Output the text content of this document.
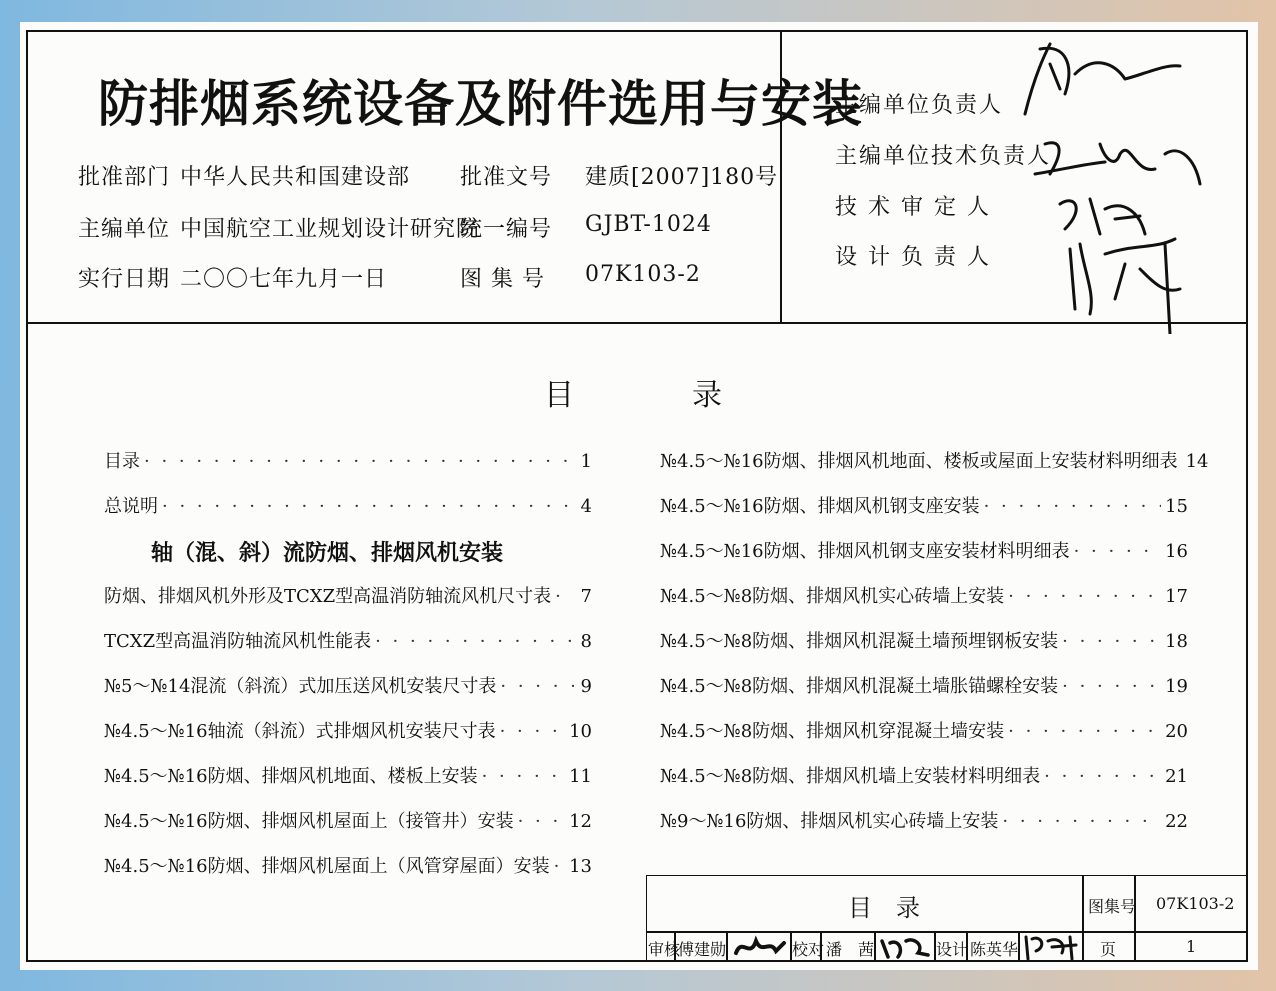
防排烟系统设备及附件选用与安装
批准部门 中华人民共和国建设部 批准文号 建质[2007]180号
主编单位 中国航空工业规划设计研究院
统一编号 GJBT-1024
实行日期 二〇〇七年九月一日	图 集 号 07K103-2
主编单位负责人
主编单位技术负责人
技 术 审 定 人
设 计 负 责 人
目	录
轴（混、斜）流防烟、排烟风机安装
目录 · · ·	1
总说明 · · ·	4
防烟、排烟风机外形及TCXZ型高温消防轴流风机尺寸表 · · · 7
TCXZ型高温消防轴流风机性能表 · · ·	8
№5～№14混流（斜流）式加压送风机安装尺寸表 · · ·	9
№4.5～№16轴流（斜流）式排烟风机安装尺寸表 · · ·	10
№4.5～№16防烟、排烟风机地面、楼板上安装 · · ·	11
№4.5～№16防烟、排烟风机屋面上（接管井）安装 · · ·	12
№4.5～№16防烟、排烟风机屋面上（风管穿屋面）安装 · · · 13
№4.5～№16防烟、排烟风机地面、楼板或屋面上安装材料明细表 14
№4.5～№16防烟、排烟风机钢支座安装 · · ·	15
№4.5～№16防烟、排烟风机钢支座安装材料明细表 · · ·	16
№4.5～№8防烟、排烟风机实心砖墙上安装 · · ·	17
№4.5～№8防烟、排烟风机混凝土墙预埋钢板安装 · · ·	18
№4.5～№8防烟、排烟风机混凝土墙胀锚螺栓安装 · · ·	19
№4.5～№8防烟、排烟风机穿混凝土墙安装 · · ·	20
№4.5～№8防烟、排烟风机墙上安装材料明细表 · · ·	21
№9～№16防烟、排烟风机实心砖墙上安装 · · ·	22
目　录	图集号 07K103-2
审核
傅建勋	校对 潘　茜	设计 陈英华	页	1
